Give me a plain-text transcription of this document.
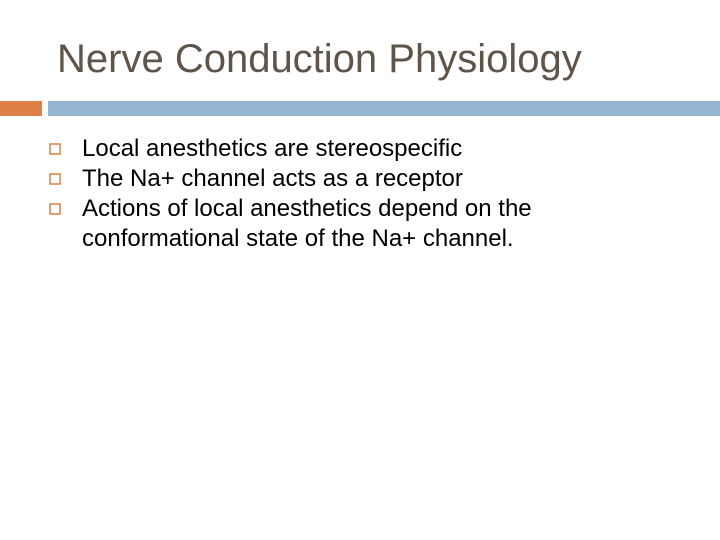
Nerve Conduction Physiology
Local anesthetics are stereospecific
The Na+ channel acts as a receptor
Actions of local anesthetics depend on the conformational state of the Na+ channel.
